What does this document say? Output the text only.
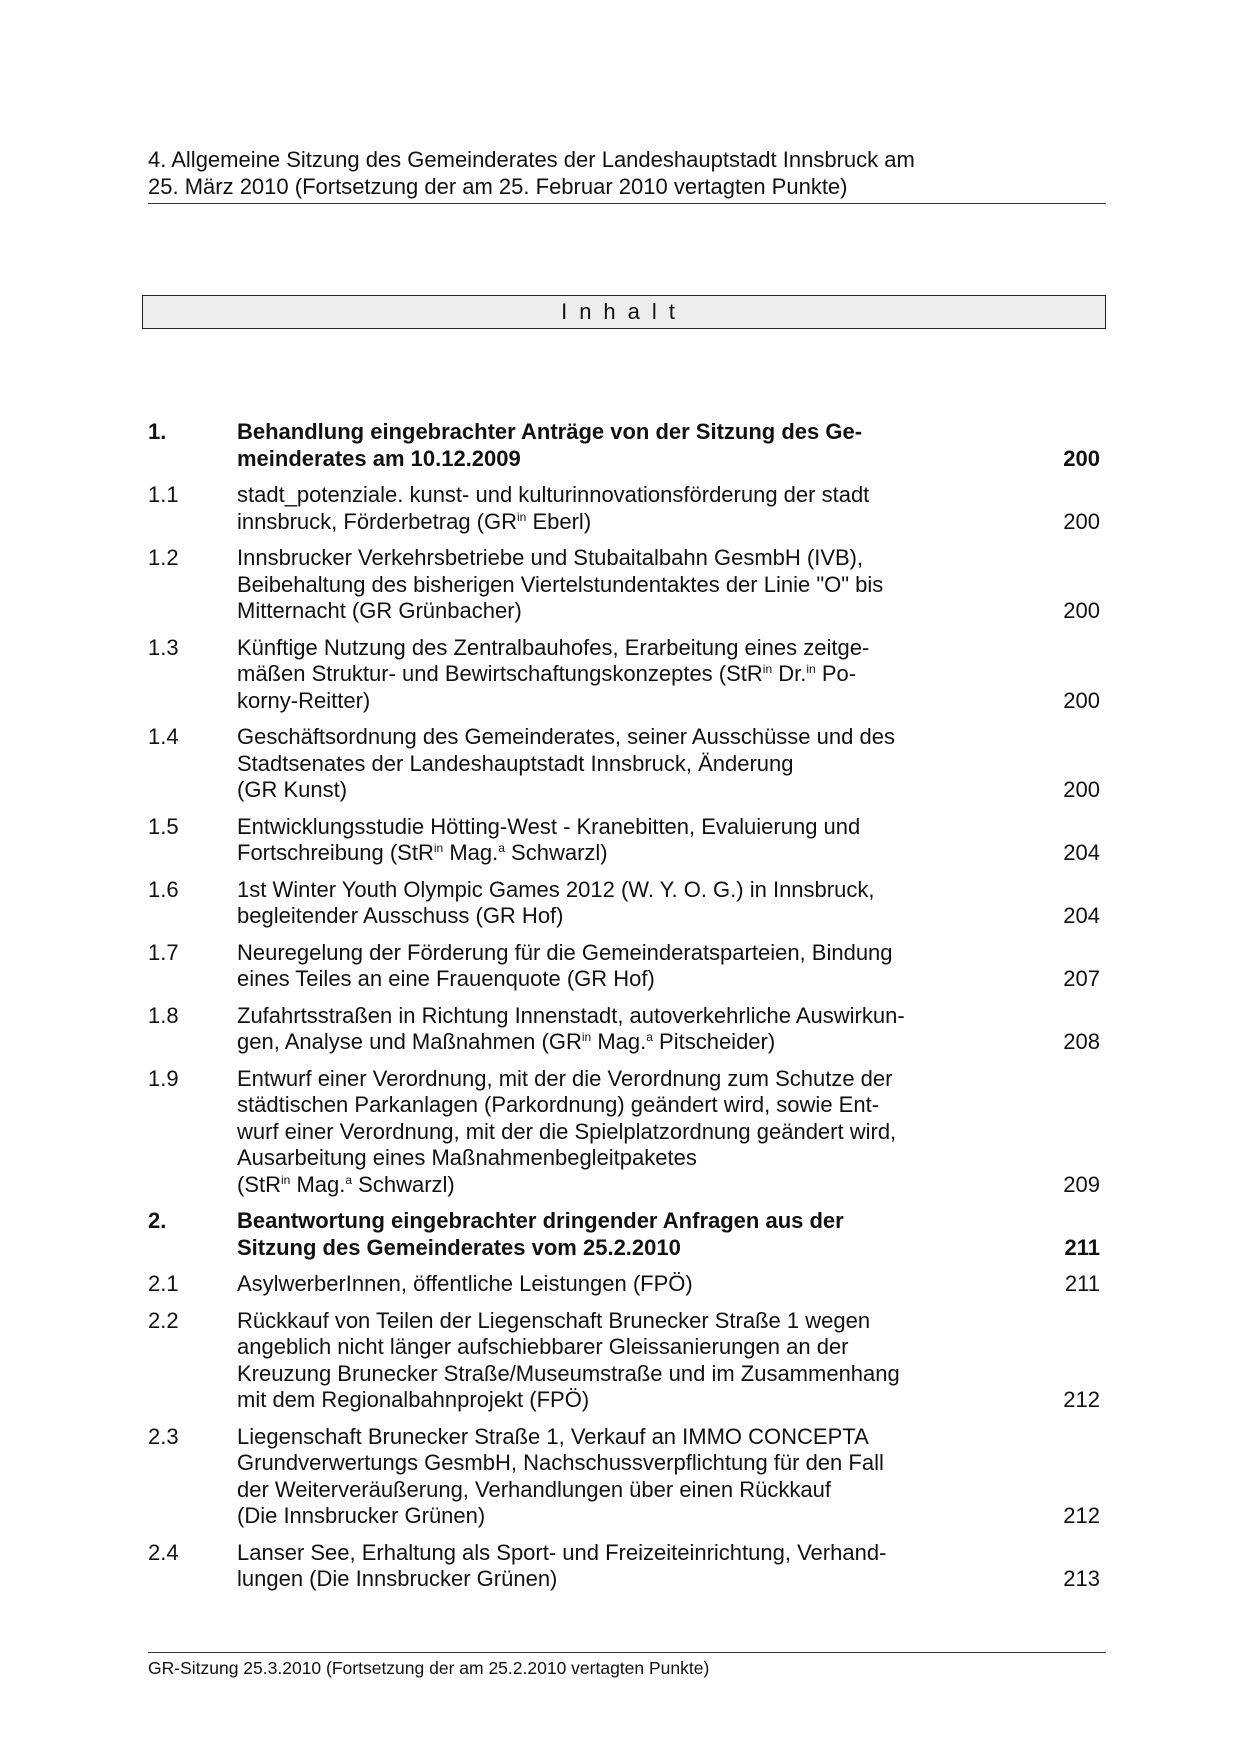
4. Allgemeine Sitzung des Gemeinderates der Landeshauptstadt Innsbruck am
25. März 2010 (Fortsetzung der am 25. Februar 2010 vertagten Punkte)
Inhalt
1.	Behandlung eingebrachter Anträge von der Sitzung des Ge-
meinderates am 10.12.2009	200
1.1	stadt_potenziale. kunst- und kulturinnovationsförderung der stadt
innsbruck, Förderbetrag ($GR^{in}$ Eberl)	200
1.2	Innsbrucker Verkehrsbetriebe und Stubaitalbahn GesmbH (IVB),
Beibehaltung des bisherigen Viertelstundentaktes der Linie "O" bis
Mitternacht (GR Grünbacher)	200
1.3	Künftige Nutzung des Zentralbauhofes, Erarbeitung eines zeitge-
mäßen Struktur- und Bewirtschaftungskonzeptes (StR$^{in}$ Dr.$^{in}$ Po-
korny-Reitter)	200
1.4	Geschäftsordnung des Gemeinderates, seiner Ausschüsse und des
Stadtsenates der Landeshauptstadt Innsbruck, Änderung
(GR Kunst)	200
1.5	Entwicklungsstudie Hötting-West - Kranebitten, Evaluierung und
Fortschreibung (StR$^{in}$ Mag.$^a$ Schwarzl)	204
1.6	1st Winter Youth Olympic Games 2012 (W. Y. O. G.) in Innsbruck,
begleitender Ausschuss (GR Hof)	204
1.7	Neuregelung der Förderung für die Gemeinderatsparteien, Bindung
eines Teiles an eine Frauenquote (GR Hof)	207
1.8	Zufahrtsstraßen in Richtung Innenstadt, autoverkehrliche Auswirkun-
gen, Analyse und Maßnahmen ($GR^{in}$ Mag.$^a$ Pitscheider)	208
1.9	Entwurf einer Verordnung, mit der die Verordnung zum Schutze der
städtischen Parkanlagen (Parkordnung) geändert wird, sowie Ent-
wurf einer Verordnung, mit der die Spielplatzordnung geändert wird,
Ausarbeitung eines Maßnahmenbegleitpaketes
(StR$^{in}$ Mag.$^a$ Schwarzl)	209
2.	Beantwortung eingebrachter dringender Anfragen aus der
Sitzung des Gemeinderates vom 25.2.2010	211
2.1	AsylwerberInnen, öffentliche Leistungen (FPÖ)	211
2.2	Rückkauf von Teilen der Liegenschaft Brunecker Straße 1 wegen
angeblich nicht länger aufschiebbarer Gleissanierungen an der
Kreuzung Brunecker Straße/Museumstraße und im Zusammenhang
mit dem Regionalbahnprojekt (FPÖ)	212
2.3	Liegenschaft Brunecker Straße 1, Verkauf an IMMO CONCEPTA
Grundverwertungs GesmbH, Nachschussverpflichtung für den Fall
der Weiterveräußerung, Verhandlungen über einen Rückkauf
(Die Innsbrucker Grünen)	212
2.4	Lanser See, Erhaltung als Sport- und Freizeiteinrichtung, Verhand-
lungen (Die Innsbrucker Grünen)	213
GR-Sitzung 25.3.2010 (Fortsetzung der am 25.2.2010 vertagten Punkte)
